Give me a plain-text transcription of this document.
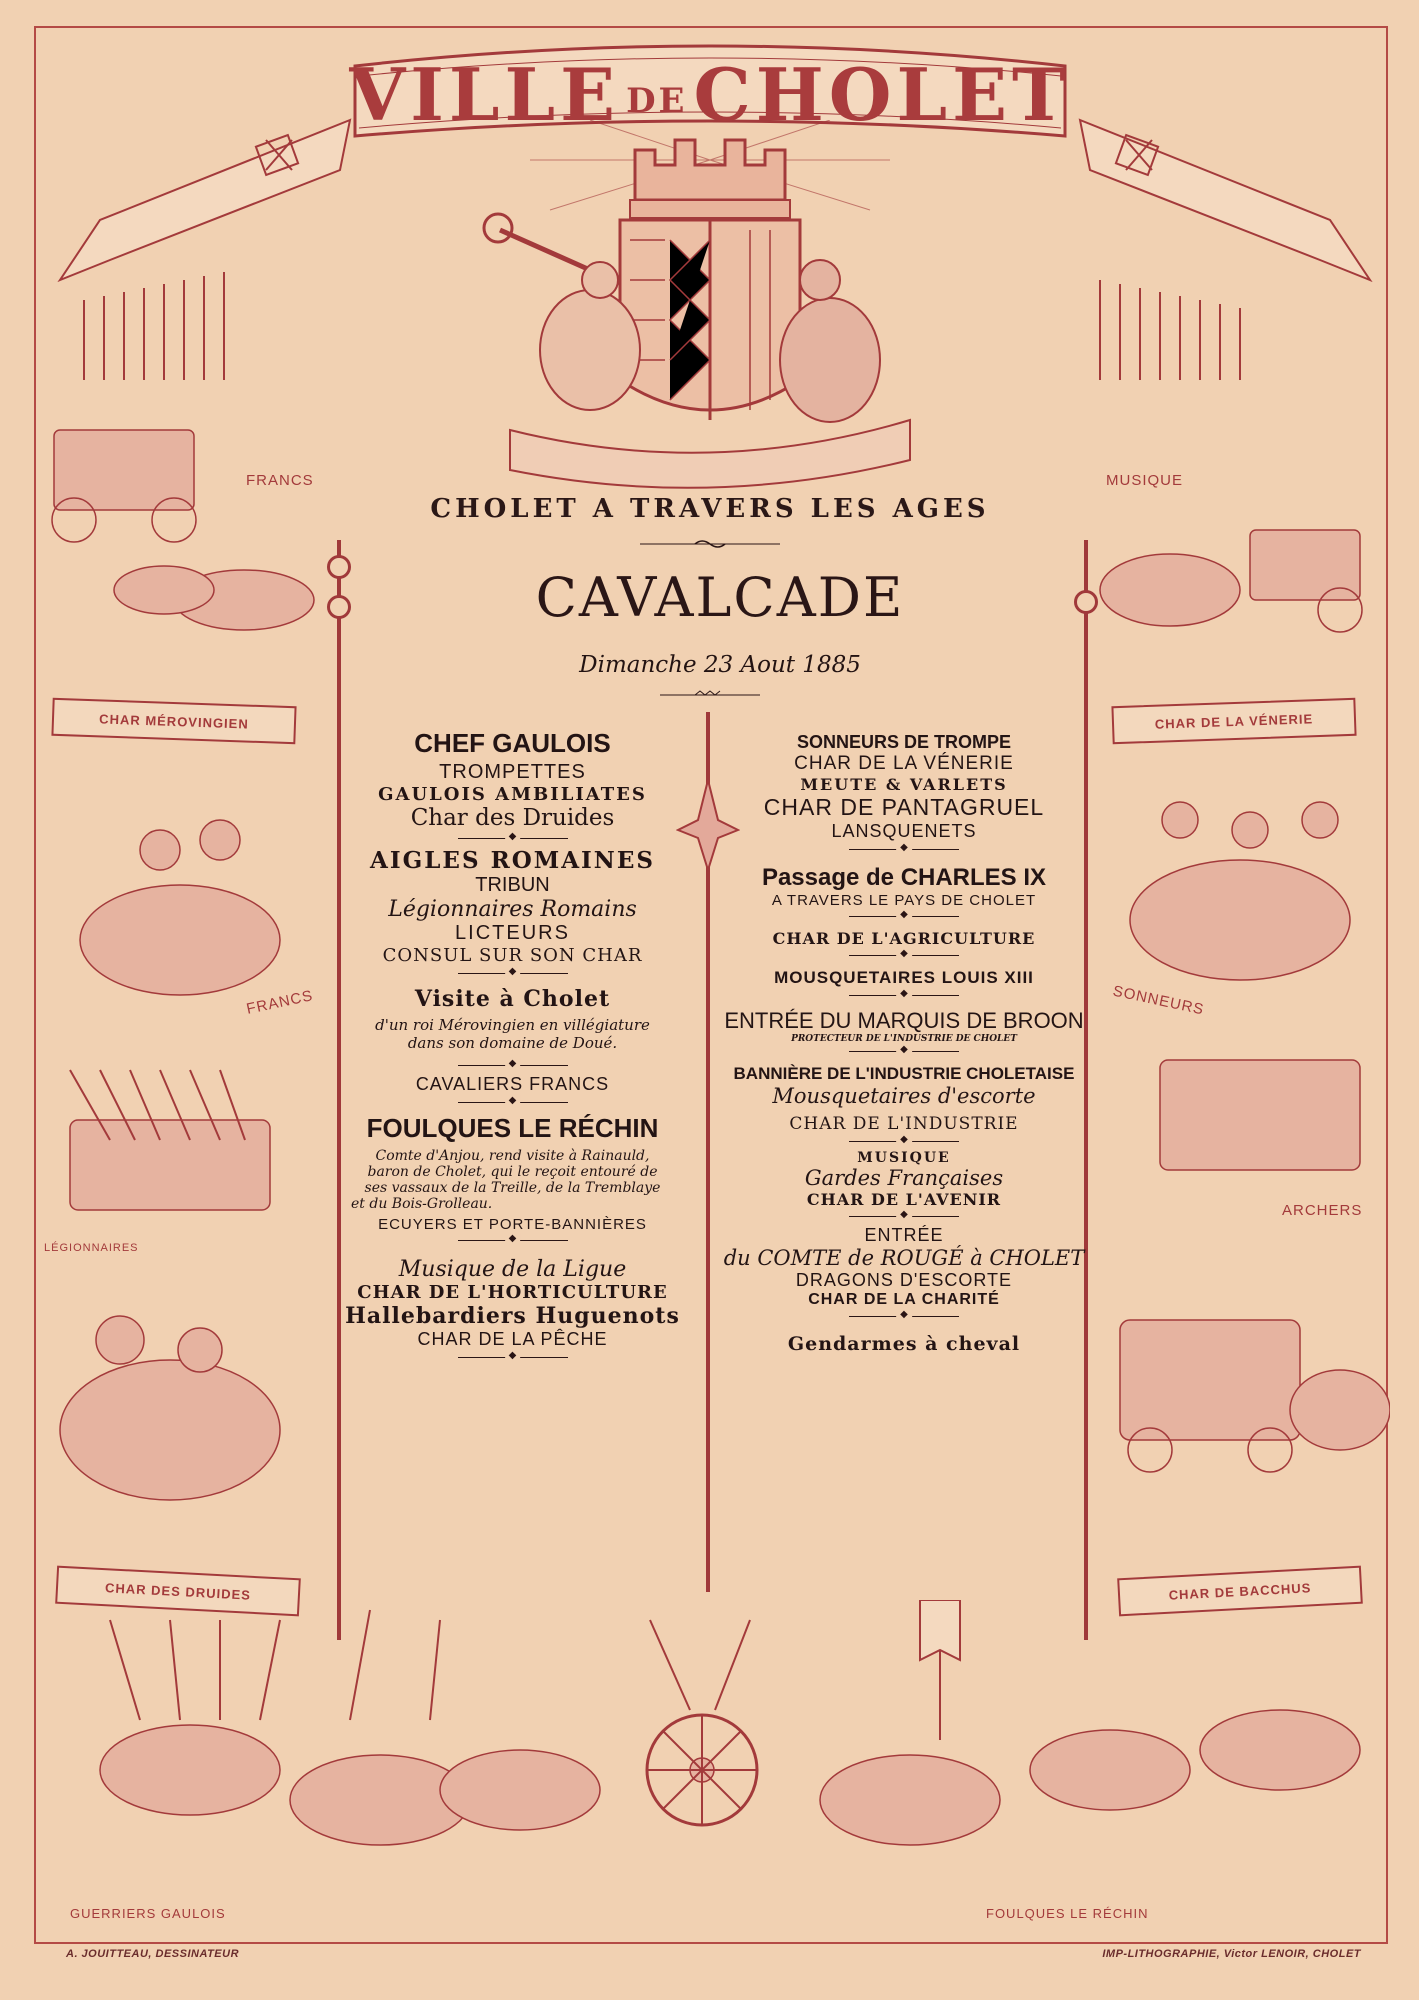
VILLE DECHOLET
CHOLET A TRAVERS LES AGES
CAVALCADE
Dimanche 23 Aout 1885
CHEF GAULOIS
TROMPETTES
GAULOIS AMBILIATES
Char des Druides
◆
AIGLES ROMAINES
TRIBUN
Légionnaires Romains
LICTEURS
CONSUL SUR SON CHAR
◆
Visite à Cholet
d'un roi Mérovingien en villégiature
dans son domaine de Doué.
◆
CAVALIERS FRANCS
◆
FOULQUES LE RÉCHIN
Comte d'Anjou, rend visite à Rainauld,
baron de Cholet, qui le reçoit entouré de
ses vassaux de la Treille, de la Tremblaye
et du Bois-Grolleau.
ECUYERS ET PORTE-BANNIÈRES
◆
Musique de la Ligue
CHAR DE L'HORTICULTURE
Hallebardiers Huguenots
CHAR DE LA PÊCHE
◆
SONNEURS DE TROMPE
CHAR DE LA VÉNERIE
MEUTE & VARLETS
CHAR DE PANTAGRUEL
LANSQUENETS
◆
Passage de CHARLES IX
A TRAVERS LE PAYS DE CHOLET
◆
CHAR DE L'AGRICULTURE
◆
MOUSQUETAIRES LOUIS XIII
◆
ENTRÉE DU MARQUIS DE BROON
PROTECTEUR DE L'INDUSTRIE DE CHOLET
◆
BANNIÈRE DE L'INDUSTRIE CHOLETAISE
Mousquetaires d'escorte
CHAR DE L'INDUSTRIE
◆
MUSIQUE
Gardes Françaises
CHAR DE L'AVENIR
◆
ENTRÉE
du COMTE de ROUGÉ à CHOLET
DRAGONS D'ESCORTE
CHAR DE LA CHARITÉ
◆
Gendarmes à cheval
CHAR MÉROVINGIEN	CHAR DE LA VÉNERIE
CHAR DES DRUIDES	CHAR DE BACCHUS
FRANCS	MUSIQUE
FRANCS	SONNEURS
LÉGIONNAIRES
ARCHERS
GUERRIERS GAULOIS	FOULQUES LE RÉCHIN
A. JOUITTEAU, DESSINATEUR	IMP-LITHOGRAPHIE, Victor LENOIR, CHOLET
